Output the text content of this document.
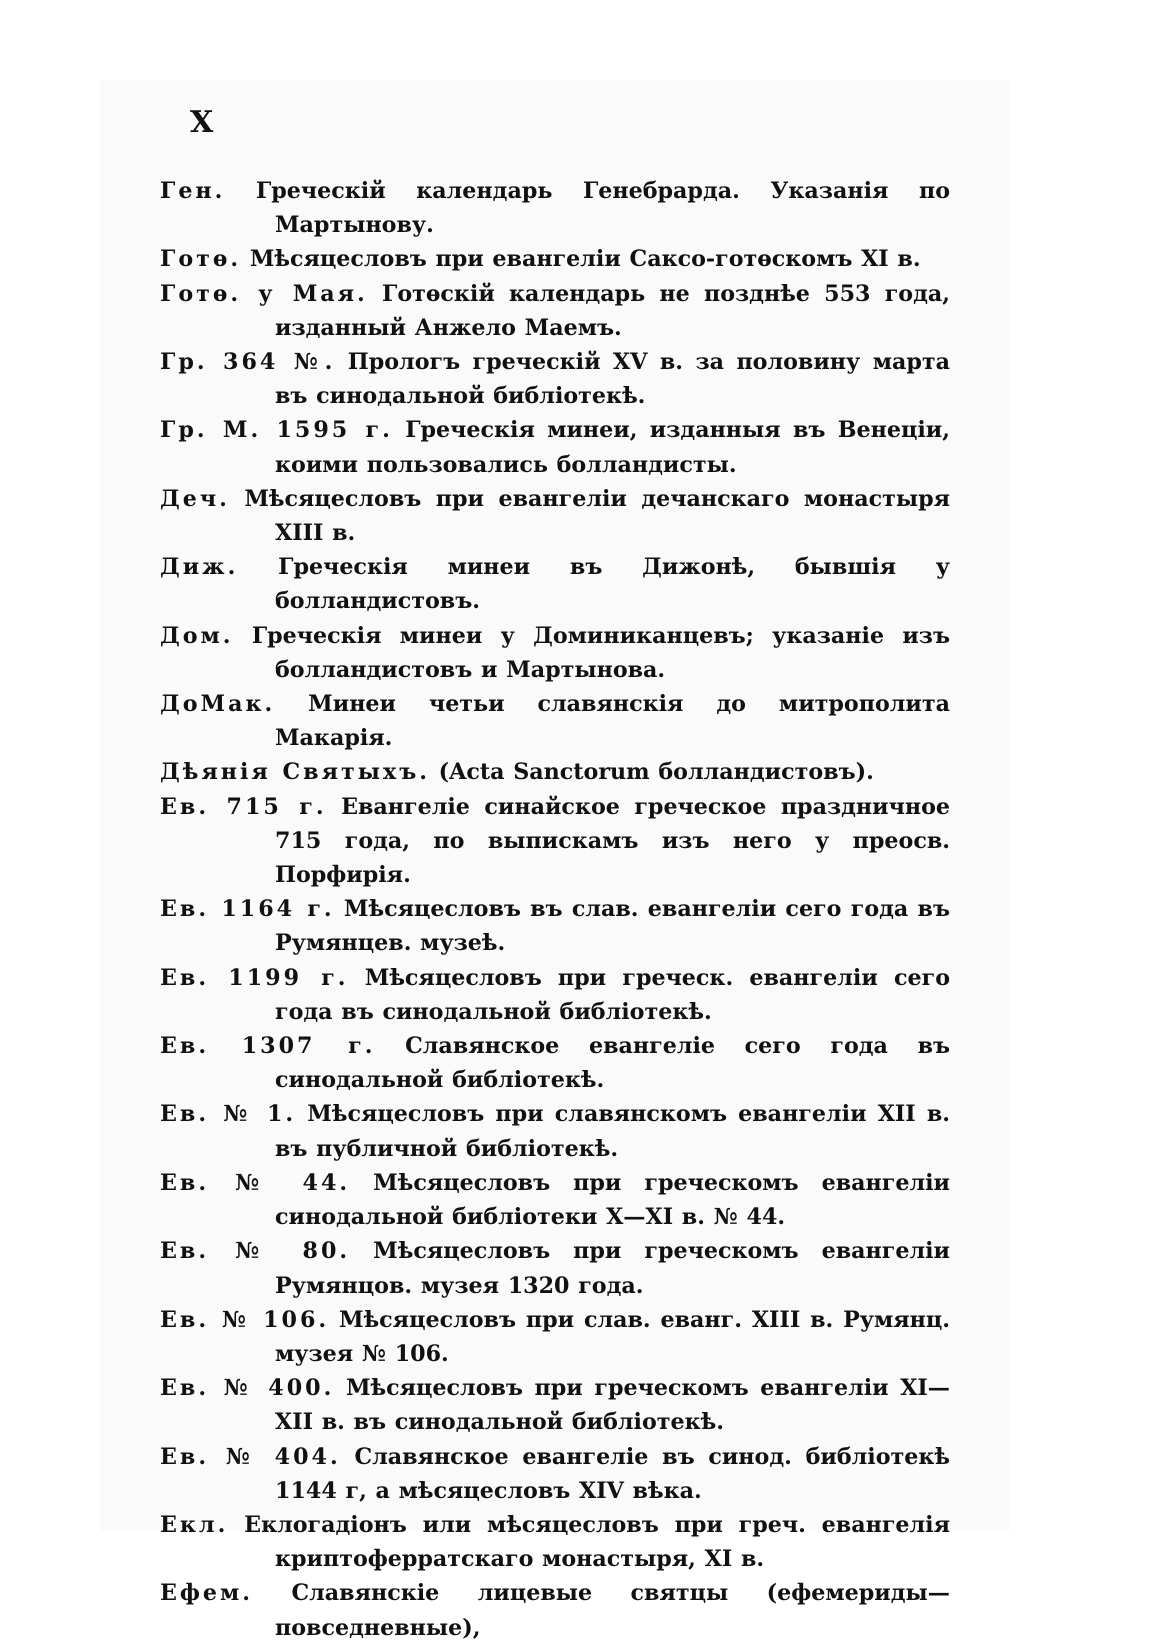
X
Ген. Греческій календарь Генебрарда. Указанія по Мартынову.
Готѳ. Мѣсяцесловъ при евангеліи Саксо-готѳскомъ XI в.
Готѳ. у Мая. Готѳскій календарь не позднѣе 553 года, изданный Анжело Маемъ.
Гр. 364 №. Прологъ греческій XV в. за половину марта въ синодальной библіотекѣ.
Гр. М. 1595 г. Греческія минеи, изданныя въ Венеціи, коими пользовались болландисты.
Деч. Мѣсяцесловъ при евангеліи дечанскаго монастыря XIII в.
Диж. Греческія минеи въ Дижонѣ, бывшія у болландистовъ.
Дом. Греческія минеи у Доминиканцевъ; указаніе изъ болландистовъ и Мартынова.
ДоМак. Минеи четьи славянскія до митрополита Макарія.
Дѣянія Святыхъ. (Acta Sanctorum болландистовъ).
Ев. 715 г. Евангеліе синайское греческое праздничное 715 года, по выпискамъ изъ него у преосв. Порфирія.
Ев. 1164 г. Мѣсяцесловъ въ слав. евангеліи сего года въ Румянцев. музеѣ.
Ев. 1199 г. Мѣсяцесловъ при греческ. евангеліи сего года въ синодальной библіотекѣ.
Ев. 1307 г. Славянское евангеліе сего года въ синодальной библіотекѣ.
Ев. № 1. Мѣсяцесловъ при славянскомъ евангеліи XII в. въ публичной библіотекѣ.
Ев. № 44. Мѣсяцесловъ при греческомъ евангеліи синодальной библіотеки X—XI в. № 44.
Ев. № 80. Мѣсяцесловъ при греческомъ евангеліи Румянцов. музея 1320 года.
Ев. № 106. Мѣсяцесловъ при слав. еванг. XIII в. Румянц. музея № 106.
Ев. № 400. Мѣсяцесловъ при греческомъ евангеліи XI—XII в. въ синодальной библіотекѣ.
Ев. № 404. Славянское евангеліе въ синод. библіотекѣ 1144 г, а мѣсяцесловъ XIV вѣка.
Екл. Еклогадіонъ или мѣсяцесловъ при греч. евангелія криптоферратскаго монастыря, XI в.
Ефем. Славянскіе лицевые святцы (ефемериды—повседневные),
